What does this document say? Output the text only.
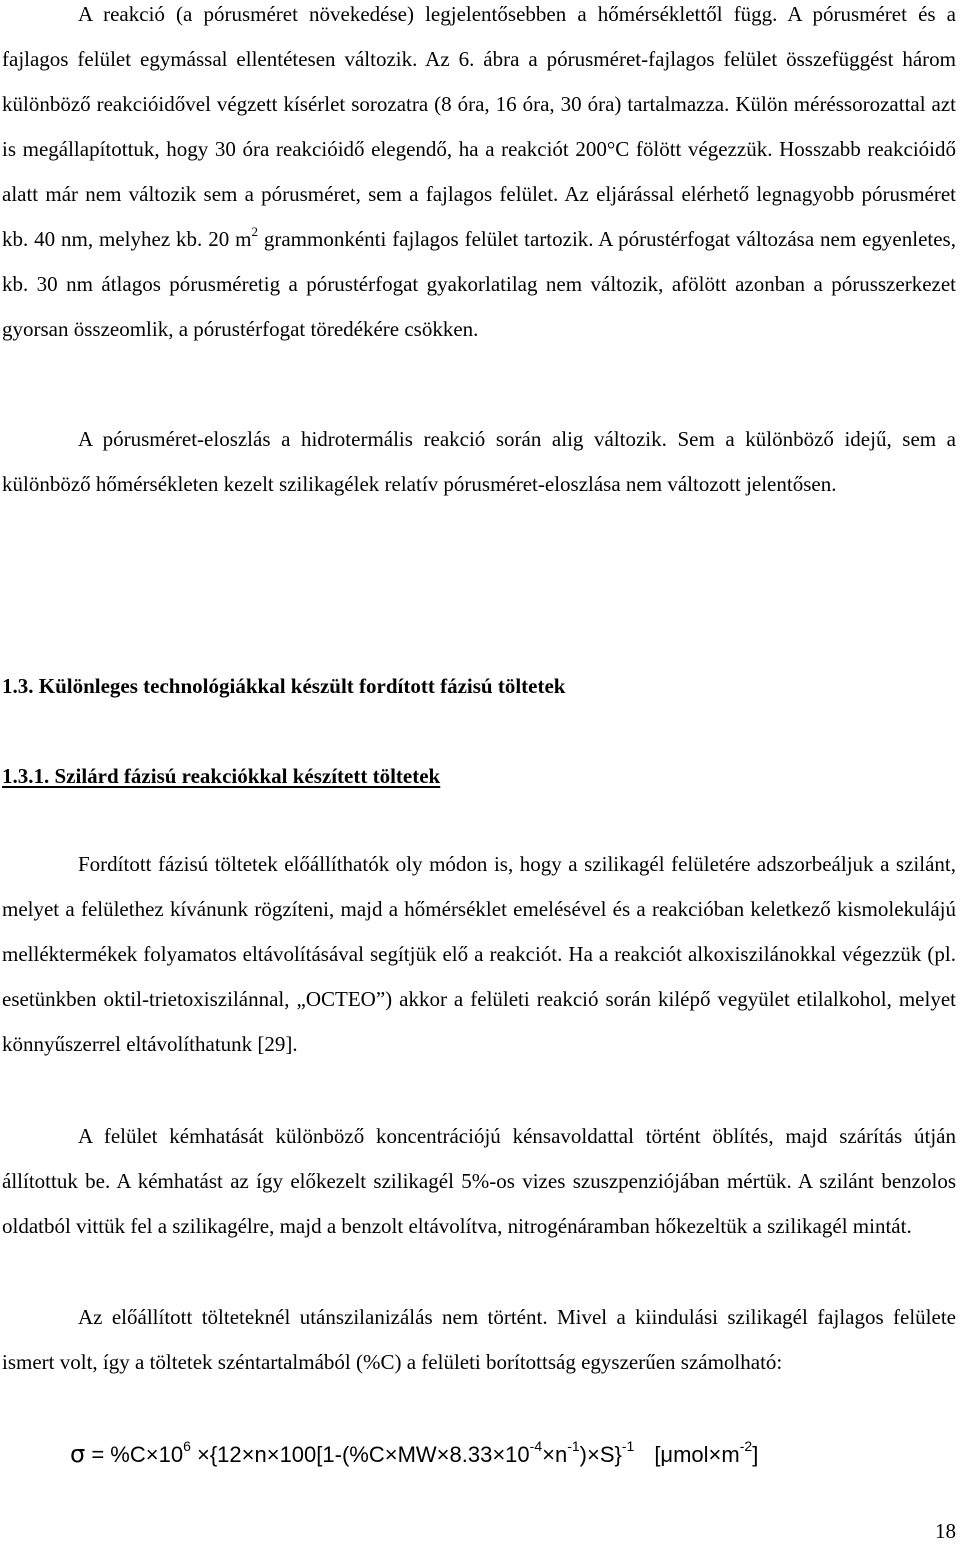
A reakció (a pórusméret növekedése) legjelentősebben a hőmérséklettől függ. A pórusméret és a fajlagos felület egymással ellentétesen változik. Az 6. ábra a pórusméret-fajlagos felület összefüggést három különböző reakcióidővel végzett kísérlet sorozatra (8 óra, 16 óra, 30 óra) tartalmazza. Külön méréssorozattal azt is megállapítottuk, hogy 30 óra reakcióidő elegendő, ha a reakciót 200°C fölött végezzük. Hosszabb reakcióidő alatt már nem változik sem a pórusméret, sem a fajlagos felület. Az eljárással elérhető legnagyobb pórusméret kb. 40 nm, melyhez kb. 20 $m^2$ grammonkénti fajlagos felület tartozik. A pórustérfogat változása nem egyenletes, kb. 30 nm átlagos pórusméretig a pórustérfogat gyakorlatilag nem változik, afölött azonban a pórusszerkezet gyorsan összeomlik, a pórustérfogat töredékére csökken.

A pórusméret-eloszlás a hidrotermális reakció során alig változik. Sem a különböző idejű, sem a különböző hőmérsékleten kezelt szilikagélek relatív pórusméret-eloszlása nem változott jelentősen.

1.3. Különleges technológiákkal készült fordított fázisú töltetek
1.3.1. Szilárd fázisú reakciókkal készített töltetek

Fordított fázisú töltetek előállíthatók oly módon is, hogy a szilikagél felületére adszorbeáljuk a szilánt, melyet a felülethez kívánunk rögzíteni, majd a hőmérséklet emelésével és a reakcióban keletkező kismolekulájú melléktermékek folyamatos eltávolításával segítjük elő a reakciót. Ha a reakciót alkoxiszilánokkal végezzük (pl. esetünkben oktil-trietoxiszilánnal, „OCTEO”) akkor a felületi reakció során kilépő vegyület etilalkohol, melyet könnyűszerrel eltávolíthatunk [29].

A felület kémhatását különböző koncentrációjú kénsavoldattal történt öblítés, majd szárítás útján állítottuk be. A kémhatást az így előkezelt szilikagél 5%-os vizes szuszpenziójában mértük. A szilánt benzolos oldatból vittük fel a szilikagélre, majd a benzolt eltávolítva, nitrogénáramban hőkezeltük a szilikagél mintát.

Az előállított tölteteknél utánszilanizálás nem történt. Mivel a kiindulási szilikagél fajlagos felülete ismert volt, így a töltetek széntartalmából (%C) a felületi borítottság egyszerűen számolható:

$\sigma = \%C\times 10^6 \times\{12\times n\times 100[1-(\%C\times MW\times 8.33\times 10^{-4}\times n^{-1})\times S\}^{-1}$ $[\mu mol\times m^{-2}]$
18
